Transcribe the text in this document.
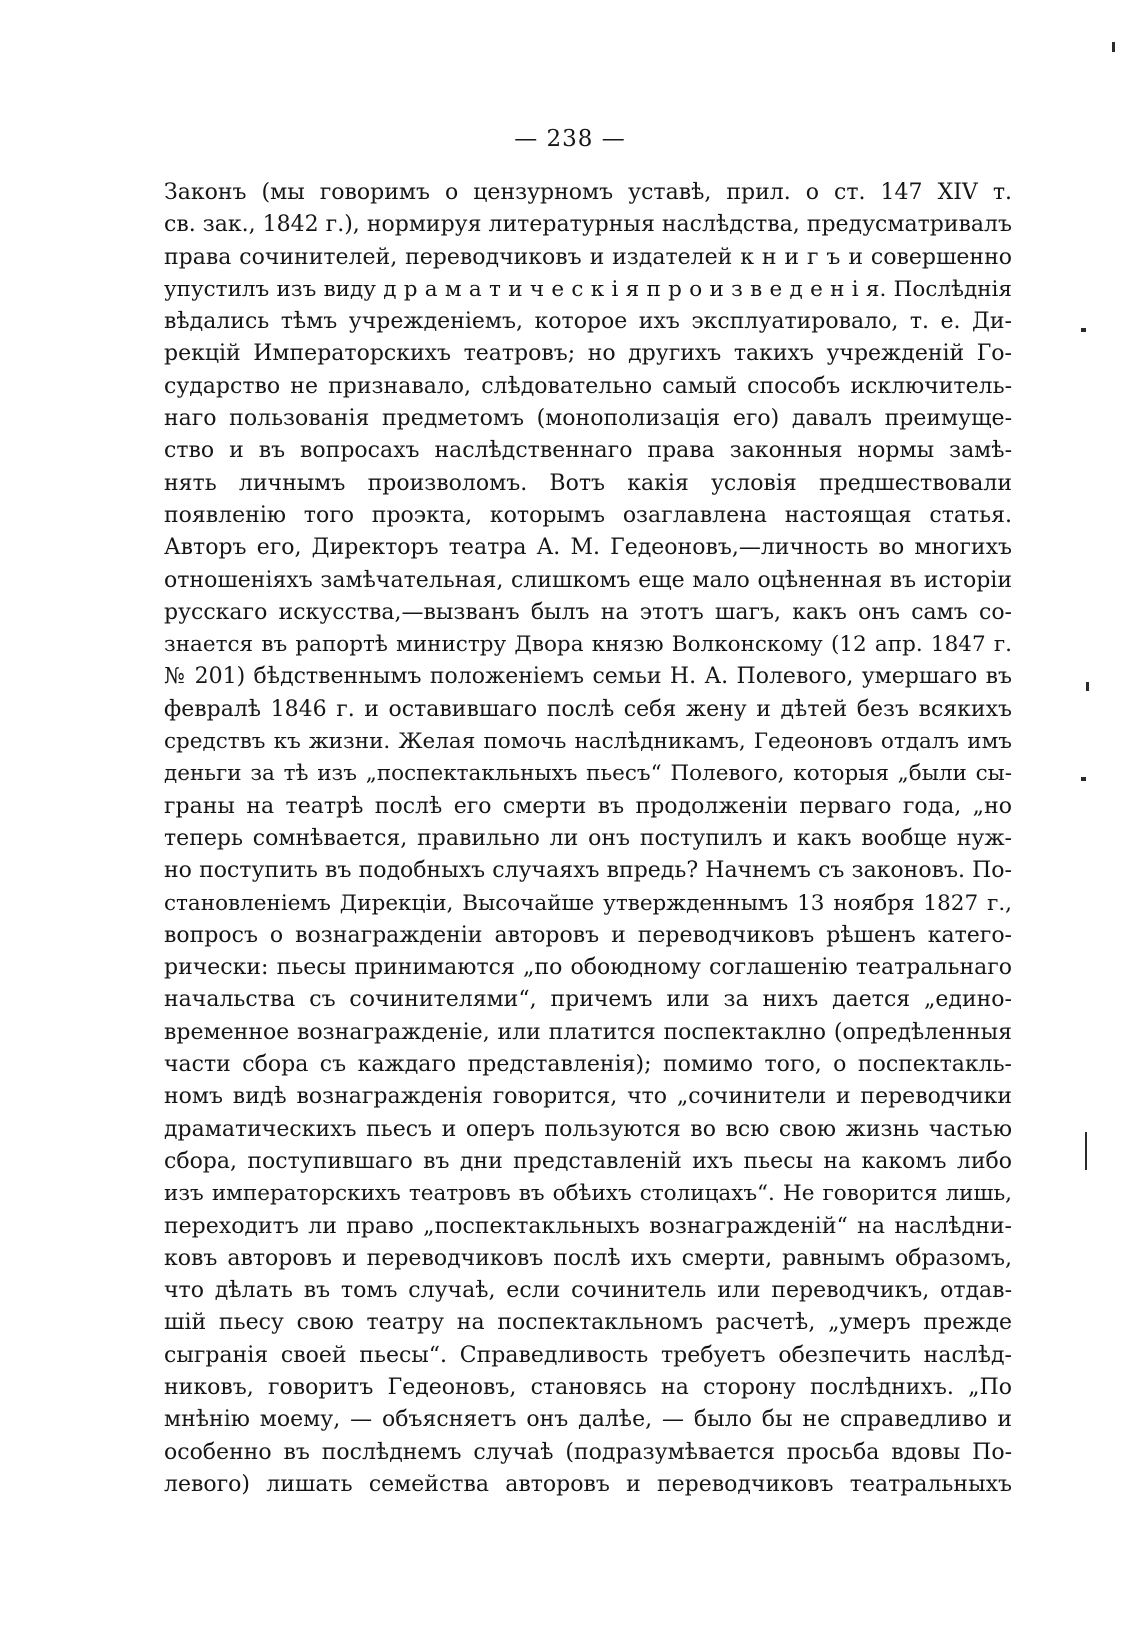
— 238 —
Законъ (мы говоримъ о цензурномъ уставѣ, прил. о ст. 147 XIV т.
св. зак., 1842 г.), нормируя литературныя наслѣдства, предусматривалъ
права сочинителей, переводчиковъ и издателей к н и г ъ и совершенно
упустилъ изъ виду д р а м а т и ч е с к і я п р о и з в е д е н і я. Послѣднія
вѣдались тѣмъ учрежденіемъ, которое ихъ эксплуатировало, т. е. Ди-
рекцій Императорскихъ театровъ; но другихъ такихъ учрежденій Го-
сударство не признавало, слѣдовательно самый способъ исключитель-
наго пользованія предметомъ (монополизація его) давалъ преимуще-
ство и въ вопросахъ наслѣдственнаго права законныя нормы замѣ-
нять личнымъ произволомъ. Вотъ какія условія предшествовали
появленію того проэкта, которымъ озаглавлена настоящая статья.
Авторъ его, Директоръ театра А. М. Гедеоновъ,—личность во многихъ
отношеніяхъ замѣчательная, слишкомъ еще мало оцѣненная въ исторіи
русскаго искусства,—вызванъ былъ на этотъ шагъ, какъ онъ самъ со-
знается въ рапортѣ министру Двора князю Волконскому (12 апр. 1847 г.
№ 201) бѣдственнымъ положеніемъ семьи Н. А. Полевого, умершаго въ
февралѣ 1846 г. и оставившаго послѣ себя жену и дѣтей безъ всякихъ
средствъ къ жизни. Желая помочь наслѣдникамъ, Гедеоновъ отдалъ имъ
деньги за тѣ изъ „поспектакльныхъ пьесъ“ Полевого, которыя „были сы-
граны на театрѣ послѣ его смерти въ продолженіи перваго года, „но
теперь сомнѣвается, правильно ли онъ поступилъ и какъ вообще нуж-
но поступить въ подобныхъ случаяхъ впредь? Начнемъ съ законовъ. По-
становленіемъ Дирекціи, Высочайше утвержденнымъ 13 ноября 1827 г.,
вопросъ о вознагражденіи авторовъ и переводчиковъ рѣшенъ катего-
рически: пьесы принимаются „по обоюдному соглашенію театральнаго
начальства съ сочинителями“, причемъ или за нихъ дается „едино-
временное вознагражденіе, или платится поспектаклно (опредѣленныя
части сбора съ каждаго представленія); помимо того, о поспектакль-
номъ видѣ вознагражденія говорится, что „сочинители и переводчики
драматическихъ пьесъ и оперъ пользуются во всю свою жизнь частью
сбора, поступившаго въ дни представленій ихъ пьесы на какомъ либо
изъ императорскихъ театровъ въ обѣихъ столицахъ“. Не говорится лишь,
переходитъ ли право „поспектакльныхъ вознагражденій“ на наслѣдни-
ковъ авторовъ и переводчиковъ послѣ ихъ смерти, равнымъ образомъ,
что дѣлать въ томъ случаѣ, если сочинитель или переводчикъ, отдав-
шій пьесу свою театру на поспектакльномъ расчетѣ, „умеръ прежде
сыгранія своей пьесы“. Справедливость требуетъ обезпечить наслѣд-
никовъ, говоритъ Гедеоновъ, становясь на сторону послѣднихъ. „По
мнѣнію моему, — объясняетъ онъ далѣе, — было бы не справедливо и
особенно въ послѣднемъ случаѣ (подразумѣвается просьба вдовы По-
левого) лишать семейства авторовъ и переводчиковъ театральныхъ
